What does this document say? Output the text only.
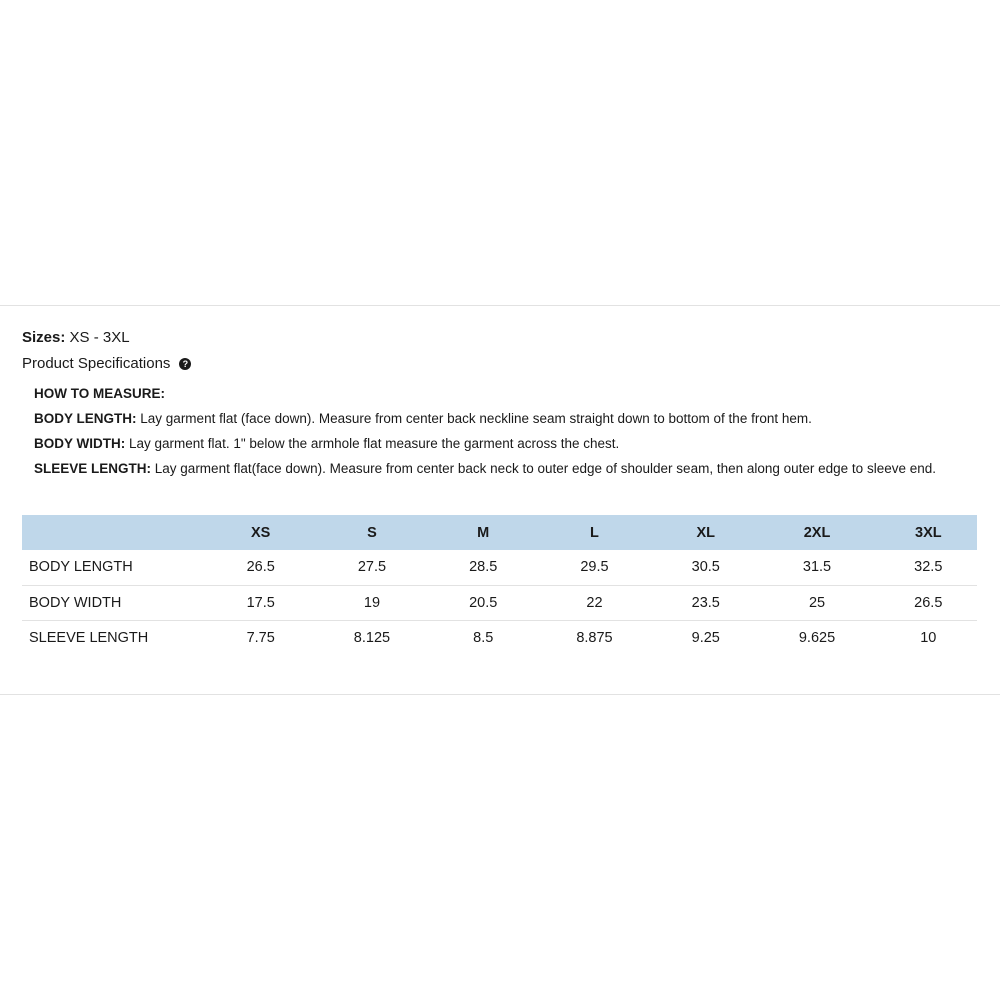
Sizes: XS - 3XL
Product Specifications	?
HOW TO MEASURE:
BODY LENGTH: Lay garment flat (face down). Measure from center back neckline seam straight down to bottom of the front hem.
BODY WIDTH: Lay garment flat. 1" below the armhole flat measure the garment across the chest.
SLEEVE LENGTH: Lay garment flat(face down). Measure from center back neck to outer edge of shoulder seam, then along outer edge to sleeve end.
	XS	S	M	L	XL	2XL	3XL
BODY LENGTH	26.5	27.5	28.5	29.5	30.5	31.5	32.5
BODY WIDTH	17.5	19	20.5	22	23.5	25	26.5
SLEEVE LENGTH	7.75	8.125	8.5	8.875	9.25	9.625	10
